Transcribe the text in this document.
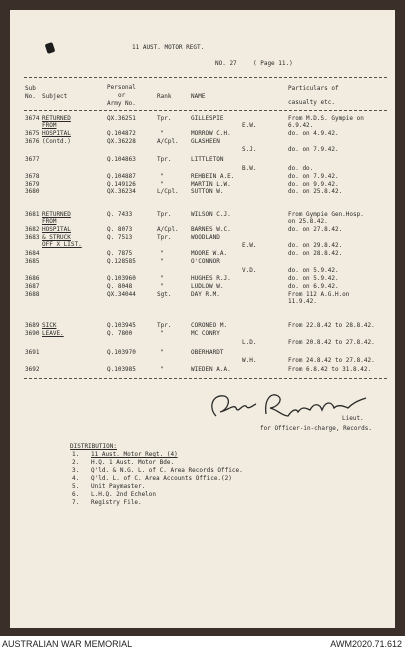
11 AUST. MOTOR REGT.
NO. 27	( Page 11.)
Sub
No. Subject
Personal
or
Army No.
Rank	NAME
Particulars of
casualty etc.
3674 RETURNED	QX.36251	Tpr.	GILLESPIE	From M.D.S. Gympie on
FROM	E.W.	6.9.42.
3675 HOSPITAL	Q.104872	"	MORROW C.H.	do. on 4.9.42.
3676 (Contd.)	QX.36228	A/Cpl. GLASHEEN
S.J.	do. on 7.9.42.
3677	Q.104863	Tpr.	LITTLETON
B.W.	do. do.
3678	Q.104887	"	REHBEIN A.E.	do. on 7.9.42.
3679	Q.149126	"	MARTIN L.W.	do. on 9.9.42.
3680	QX.36234	L/Cpl. SUTTON W.	do. on 25.8.42.
3681 RETURNED	Q. 7433	Tpr.	WILSON C.J.	From Gympie Gen.Hosp.
FROM	on 25.8.42.
3682 HOSPITAL	Q. 8073	A/Cpl. BARNES W.C.	do. on 27.8.42.
3683 & STRUCK	Q. 7513	Tpr.	WOODLAND
OFF X LIST.	E.W.	do. on 29.8.42.
3684	Q. 7875	"	MOORE W.A.	do. on 28.8.42.
3685	Q.128585	"	O'CONNOR
V.D.	do. on 5.9.42.
3686	Q.103960	"	HUGHES R.J.	do. on 5.9.42.
3687	Q. 8048	"	LUDLOW W.	do. on 6.9.42.
3688	QX.34044	Sgt.	DAY R.M.	From 112 A.G.H.on
11.9.42.
3689 SICK	Q.103945	Tpr.	CORONEO M.	From 22.8.42 to 28.8.42.
3690 LEAVE.	Q. 7800	"	MC CONRY
L.D.	From 20.8.42 to 27.8.42.
3691	Q.103970	"	OBERHARDT
W.H.	From 24.8.42 to 27.8.42.
3692	Q.103985	"	WIEDEN A.A.	From 6.8.42 to 31.8.42.
Lieut.
for Officer-in-charge, Records.
DISTRIBUTION:
1. 11 Aust. Motor Regt. (4)
2. H.Q. 1 Aust. Motor Bde.
3. Q'ld. & N.G. L. of C. Area Records Office.
4. Q'ld. L. of C. Area Accounts Office.(2)
5. Unit Paymaster.
6. L.H.Q. 2nd Echelon
7. Registry File.
AUSTRALIAN WAR MEMORIAL	AWM2020.71.612
